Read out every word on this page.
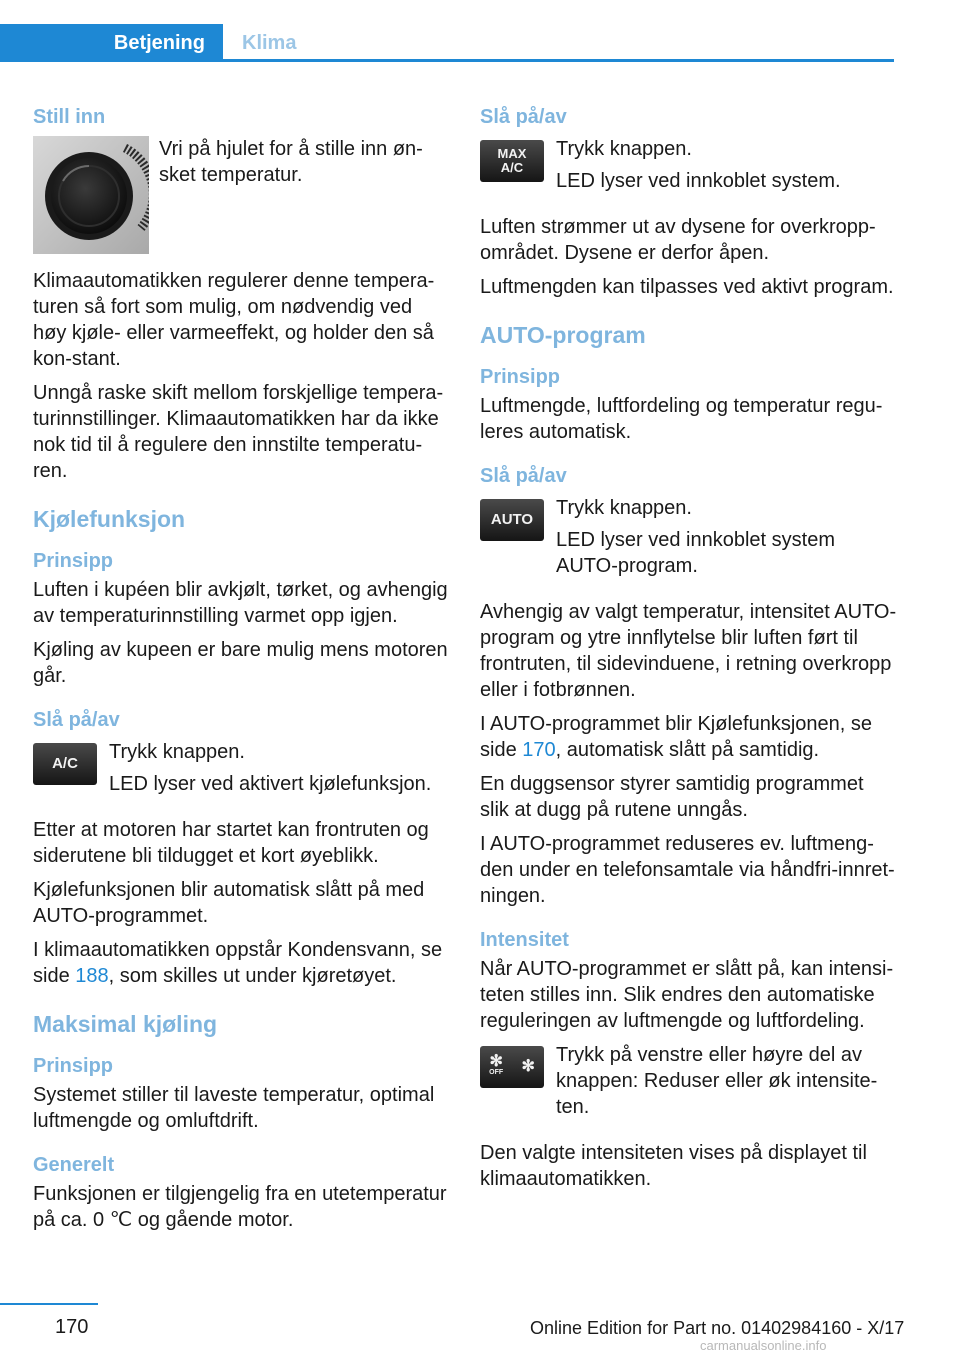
Betjening	Klima
Still inn

Vri på hjulet for å stille inn øn-sket temperatur.

Klimaautomatikken regulerer denne tempera-turen så fort som mulig, om nødvendig ved høy kjøle- eller varmeeffekt, og holder den så kon-stant.

Unngå raske skift mellom forskjellige tempera-turinnstillinger. Klimaautomatikken har da ikke nok tid til å regulere den innstilte temperatu-ren.

Kjølefunksjon
Prinsipp

Luften i kupéen blir avkjølt, tørket, og avhengig av temperaturinnstilling varmet opp igjen.

Kjøling av kupeen er bare mulig mens motoren går.

Slå på/av
A/C

Trykk knappen.

LED lyser ved aktivert kjølefunksjon.

Etter at motoren har startet kan frontruten og siderutene bli tildugget et kort øyeblikk.

Kjølefunksjonen blir automatisk slått på med AUTO-programmet.

I klimaautomatikken oppstår Kondensvann, se side 188, som skilles ut under kjøretøyet.

Maksimal kjøling
Prinsipp

Systemet stiller til laveste temperatur, optimal luftmengde og omluftdrift.

Generelt

Funksjonen er tilgjengelig fra en utetemperatur på ca. 0 ℃ og gående motor.

Slå på/av
MAX
A/C

Trykk knappen.

LED lyser ved innkoblet system.

Luften strømmer ut av dysene for overkropp-området. Dysene er derfor åpen.

Luftmengden kan tilpasses ved aktivt program.

AUTO-program
Prinsipp

Luftmengde, luftfordeling og temperatur regu-leres automatisk.

Slå på/av
AUTO

Trykk knappen.

LED lyser ved innkoblet system AUTO-program.

Avhengig av valgt temperatur, intensitet AUTO-program og ytre innflytelse blir luften ført til frontruten, til sidevinduene, i retning overkropp eller i fotbrønnen.

I AUTO-programmet blir Kjølefunksjonen, se side 170, automatisk slått på samtidig.

En duggsensor styrer samtidig programmet slik at dugg på rutene unngås.

I AUTO-programmet reduseres ev. luftmeng-den under en telefonsamtale via håndfri-innret-ningen.

Intensitet

Når AUTO-programmet er slått på, kan intensi-teten stilles inn. Slik endres den automatiske reguleringen av luftmengde og luftfordeling.

✻
OFF ✻

Trykk på venstre eller høyre del av knappen: Reduser eller øk intensite-ten.

Den valgte intensiteten vises på displayet til klimaautomatikken.

170	Online Edition for Part no. 01402984160 - X/17
carmanualsonline.info
